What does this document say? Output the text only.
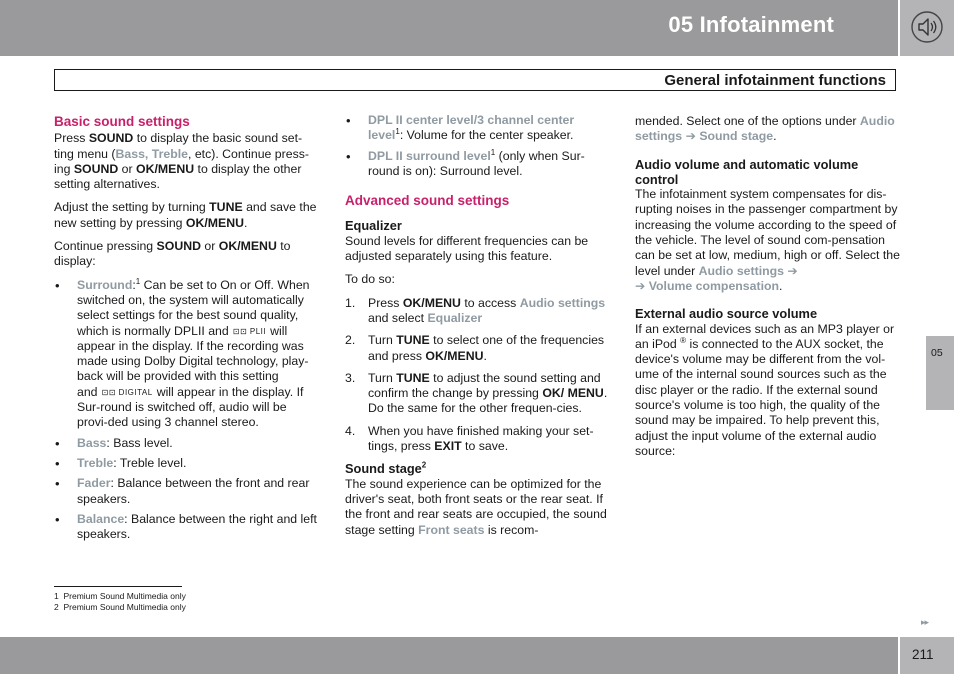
05 Infotainment
General infotainment functions
Basic sound settings

Press SOUND to display the basic sound set-ting menu (Bass, Treble, etc). Continue press-ing SOUND or OK/MENU to display the other setting alternatives.

Adjust the setting by turning TUNE and save the new setting by pressing OK/MENU.

Continue pressing SOUND or OK/MENU to display:

• Surround:$^1$ Can be set to On or Off. When switched on, the system will automatically select settings for the best sound quality, which is normally DPLII and ⊡⊡ PLII will appear in the display. If the recording was made using Dolby Digital technology, play-back will be provided with this setting and ⊡⊡ DIGITAL will appear in the display. If Sur-round is switched off, audio will be provi-ded using 3 channel stereo.
• Bass: Bass level.
• Treble: Treble level.
• Fader: Balance between the front and rear speakers.
• Balance: Balance between the right and left speakers.
• DPL II center level/3 channel center level$^1$: Volume for the center speaker.
• DPL II surround level$^1$ (only when Sur-round is on): Surround level.
Advanced sound settings
Equalizer

Sound levels for different frequencies can be adjusted separately using this feature.

To do so:

1. Press OK/MENU to access Audio settings and select Equalizer
2. Turn TUNE to select one of the frequencies and press OK/MENU.
3. Turn TUNE to adjust the sound setting and confirm the change by pressing OK/ MENU. Do the same for the other frequen-cies.
4. When you have finished making your set-tings, press EXIT to save.
Sound stage$^2$

The sound experience can be optimized for the driver's seat, both front seats or the rear seat. If the front and rear seats are occupied, the sound stage setting Front seats is recom-

mended. Select one of the options under Audio settings ➔ Sound stage.

Audio volume and automatic volume control

The infotainment system compensates for dis-rupting noises in the passenger compartment by increasing the volume according to the speed of the vehicle. The level of sound com-pensation can be set at low, medium, high or off. Select the level under Audio settings ➔
➔ Volume compensation.

External audio source volume

If an external devices such as an MP3 player or an iPod ® is connected to the AUX socket, the device's volume may be different from the vol-ume of the internal sound sources such as the disc player or the radio. If the external sound source's volume is too high, the quality of the sound may be impaired. To help prevent this, adjust the input volume of the external audio source:

1 Premium Sound Multimedia only
2 Premium Sound Multimedia only
05
▸▸
211
